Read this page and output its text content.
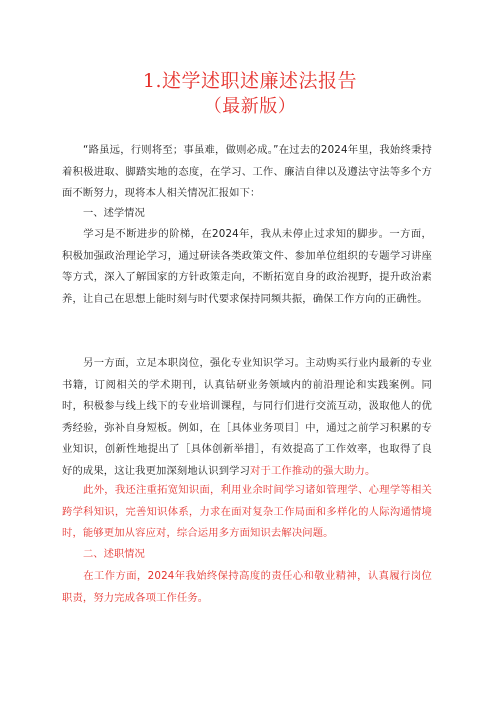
1.述学述职述廉述法报告
（最新版）

“路虽远，行则将至；事虽难，做则必成。”在过去的2024年里，我始终秉持着积极进取、脚踏实地的态度，在学习、工作、廉洁自律以及遵法守法等多个方面不断努力，现将本人相关情况汇报如下：

一、述学情况

学习是不断进步的阶梯，在2024年，我从未停止过求知的脚步。一方面，积极加强政治理论学习，通过研读各类政策文件、参加单位组织的专题学习讲座等方式，深入了解国家的方针政策走向，不断拓宽自身的政治视野，提升政治素养，让自己在思想上能时刻与时代要求保持同频共振，确保工作方向的正确性。

另一方面，立足本职岗位，强化专业知识学习。主动购买行业内最新的专业书籍，订阅相关的学术期刊，认真钻研业务领域内的前沿理论和实践案例。同时，积极参与线上线下的专业培训课程，与同行们进行交流互动，汲取他人的优秀经验，弥补自身短板。例如，在［具体业务项目］中，通过之前学习积累的专业知识，创新性地提出了［具体创新举措］，有效提高了工作效率，也取得了良好的成果，这让我更加深刻地认识到学习对于工作推动的强大助力。

此外，我还注重拓宽知识面，利用业余时间学习诸如管理学、心理学等相关跨学科知识，完善知识体系，力求在面对复杂工作局面和多样化的人际沟通情境时，能够更加从容应对，综合运用多方面知识去解决问题。

二、述职情况

在工作方面，2024年我始终保持高度的责任心和敬业精神，认真履行岗位职责，努力完成各项工作任务。
